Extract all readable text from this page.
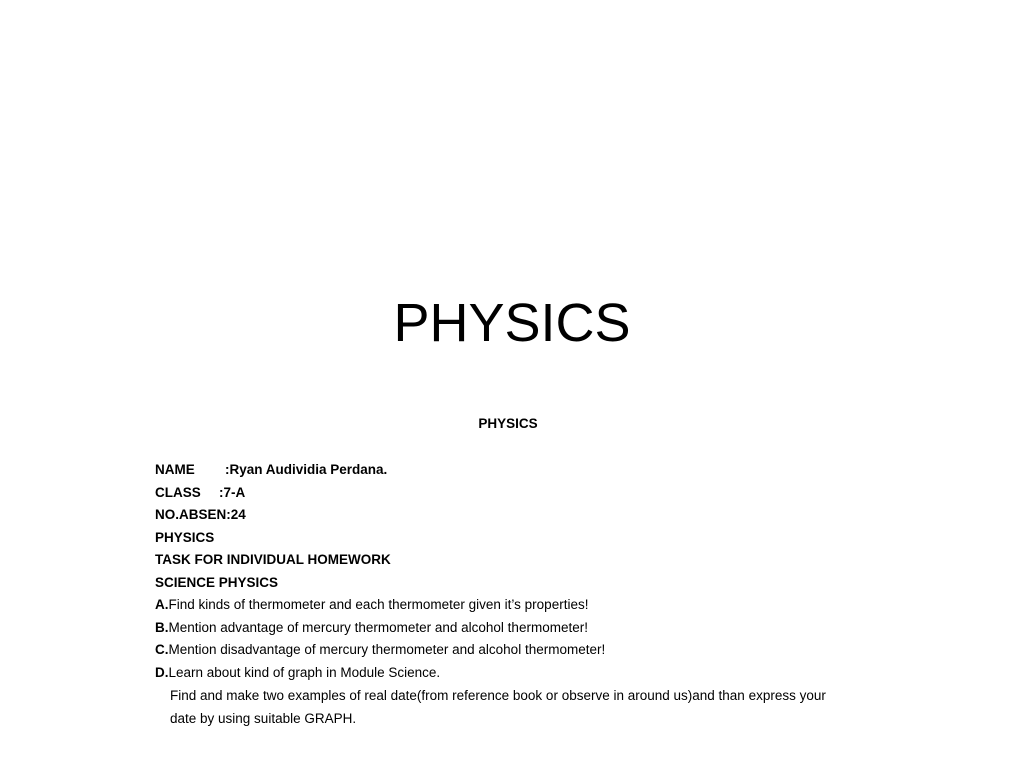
PHYSICS
PHYSICS
NAME :Ryan Audividia Perdana.
CLASS :7-A
NO.ABSEN:24
PHYSICS
TASK FOR INDIVIDUAL HOMEWORK
SCIENCE PHYSICS
A.Find kinds of thermometer and each thermometer given it’s properties!
B.Mention advantage of mercury thermometer and alcohol thermometer!
C.Mention disadvantage of mercury thermometer and alcohol thermometer!
D.Learn about kind of graph in Module Science.
Find and make two examples of real date(from reference book or observe in around us)and than express your
date by using suitable GRAPH.
